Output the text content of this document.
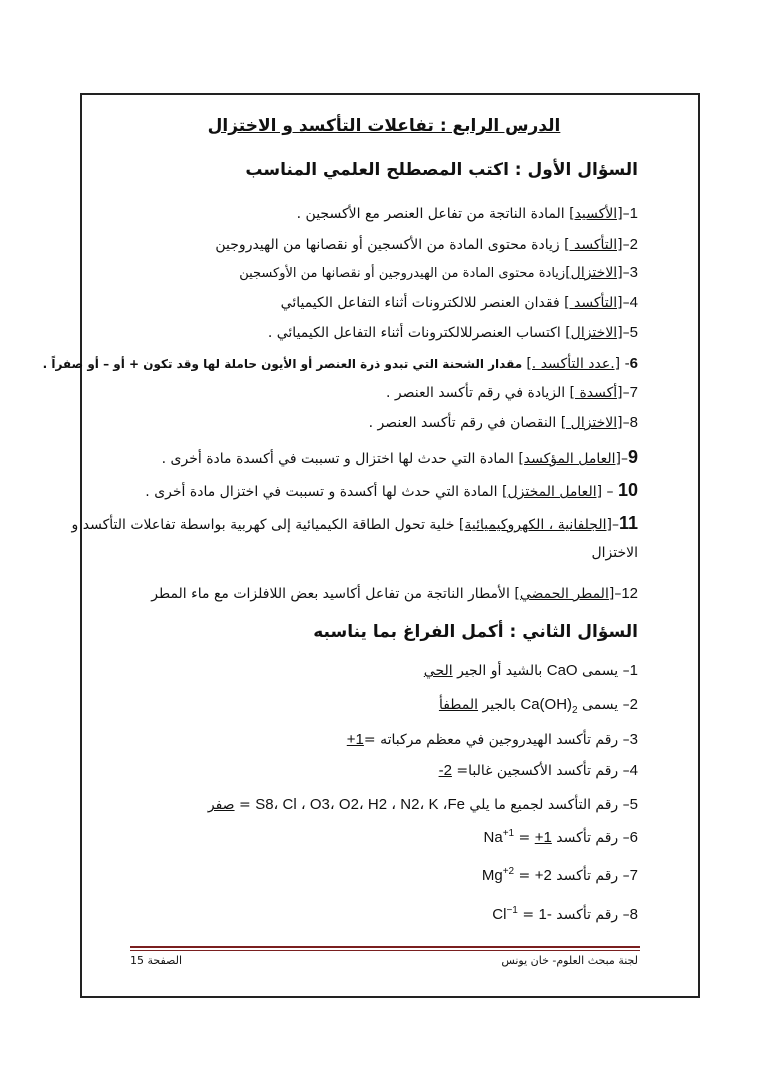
الدرس الرابع : تفاعلات التأكسد و الاختزال
السؤال الأول : اكتب المصطلح العلمي المناسب
1–[الأكسيد] المادة الناتجة من تفاعل العنصر مع الأكسجين .
2–[التأكسد ] زيادة محتوى المادة من الأكسجين أو نقصانها من الهيدروجين
3–[الاختزال]زيادة محتوى المادة من الهيدروجين أو نقصانها من الأوكسجين
4–[التأكسد ] فقدان العنصر للالكترونات أثناء التفاعل الكيميائي
5–[الاختزال] اكتساب العنصرللالكترونات أثناء التفاعل الكيميائي .
6- [.عدد التأكسد .] مقدار الشحنة التي تبدو ذرة العنصر أو الأيون حاملة لها وقد تكون + أو – أو صفراً .
7–[أكسدة ] الزيادة في رقم تأكسد العنصر .
8–[الاختزال ] النقصان في رقم تأكسد العنصر .
9–[العامل المؤكسد] المادة التي حدث لها اختزال و تسببت في أكسدة مادة أخرى .
10 – [العامل المختزل] المادة التي حدث لها أكسدة و تسببت في اختزال مادة أخرى .
11–[الجلفانية ، الكهروكيميائية] خلية تحول الطاقة الكيميائية إلى كهربية بواسطة تفاعلات التأكسد و
الاختزال
12–[المطر الحمضي] الأمطار الناتجة من تفاعل أكاسيد بعض اللافلزات مع ماء المطر
السؤال الثاني : أكمل الفراغ بما يناسبه
1– يسمى CaO بالشيد أو الجير الحي
2– يسمى $Ca(OH)_2$ بالجير المطفأ
3– رقم تأكسد الهيدروجين في معظم مركباته =+1
4– رقم تأكسد الأكسجين غالبا= -2
5– رقم التأكسد لجميع ما يلي S8، Cl ، O3، O2، H2 ، N2، K ،Fe = صفر
6– رقم تأكسد $Na^{+1} = +1$
7– رقم تأكسد $Mg^{+2} = +2$
8– رقم تأكسد $Cl^{-1} = 1-$
لجنة مبحث العلوم- خان يونس
الصفحة 15
